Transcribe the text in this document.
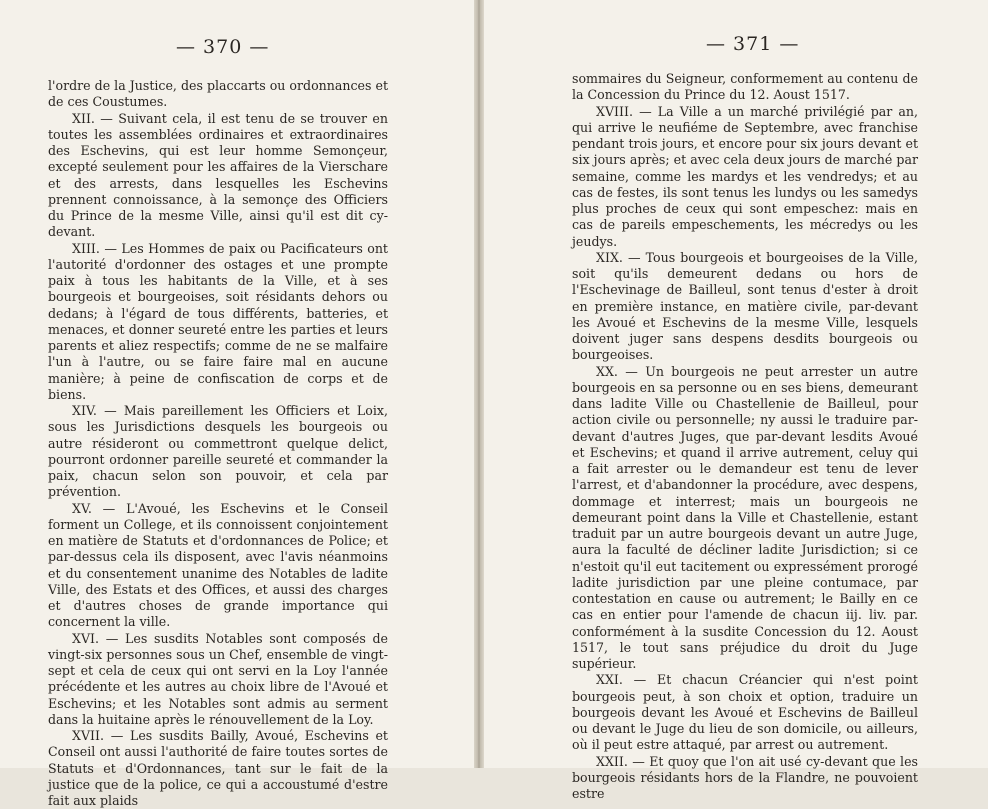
— 370 —

l'ordre de la Justice, des placcarts ou ordonnances et de ces Coustumes.

XII. — Suivant cela, il est tenu de se trouver en toutes les assemblées ordinaires et extraordinaires des Eschevins, qui est leur homme Semonçeur, excepté seulement pour les affaires de la Vierschare et des arrests, dans lesquelles les Eschevins prennent connoissance, à la semonçe des Officiers du Prince de la mesme Ville, ainsi qu'il est dit cy-devant.

XIII. — Les Hommes de paix ou Pacificateurs ont l'autorité d'ordonner des ostages et une prompte paix à tous les habitants de la Ville, et à ses bourgeois et bourgeoises, soit résidants dehors ou dedans; à l'égard de tous différents, batteries, et menaces, et donner seureté entre les parties et leurs parents et aliez respectifs; comme de ne se malfaire l'un à l'autre, ou se faire faire mal en aucune manière; à peine de confiscation de corps et de biens.

XIV. — Mais pareillement les Officiers et Loix, sous les Jurisdictions desquels les bourgeois ou autre résideront ou commettront quelque delict, pourront ordonner pareille seureté et commander la paix, chacun selon son pouvoir, et cela par prévention.

XV. — L'Avoué, les Eschevins et le Conseil forment un College, et ils connoissent conjointement en matière de Statuts et d'ordonnances de Police; et par-dessus cela ils disposent, avec l'avis néanmoins et du consentement unanime des Notables de ladite Ville, des Estats et des Offices, et aussi des charges et d'autres choses de grande importance qui concernent la ville.

XVI. — Les susdits Notables sont composés de vingt-six personnes sous un Chef, ensemble de vingt-sept et cela de ceux qui ont servi en la Loy l'année précédente et les autres au choix libre de l'Avoué et Eschevins; et les Notables sont admis au serment dans la huitaine après le rénouvellement de la Loy.

XVII. — Les susdits Bailly, Avoué, Eschevins et Conseil ont aussi l'authorité de faire toutes sortes de Statuts et d'Ordonnances, tant sur le fait de la justice que de la police, ce qui a accoustumé d'estre fait aux plaids

— 371 —

sommaires du Seigneur, conformement au contenu de la Concession du Prince du 12. Aoust 1517.

XVIII. — La Ville a un marché privilégié par an, qui arrive le neufiéme de Septembre, avec franchise pendant trois jours, et encore pour six jours devant et six jours après; et avec cela deux jours de marché par semaine, comme les mardys et les vendredys; et au cas de festes, ils sont tenus les lundys ou les samedys plus proches de ceux qui sont empeschez: mais en cas de pareils empeschements, les mécredys ou les jeudys.

XIX. — Tous bourgeois et bourgeoises de la Ville, soit qu'ils demeurent dedans ou hors de l'Eschevinage de Bailleul, sont tenus d'ester à droit en première instance, en matière civile, par-devant les Avoué et Eschevins de la mesme Ville, lesquels doivent juger sans despens desdits bourgeois ou bourgeoises.

XX. — Un bourgeois ne peut arrester un autre bourgeois en sa personne ou en ses biens, demeurant dans ladite Ville ou Chastellenie de Bailleul, pour action civile ou personnelle; ny aussi le traduire par-devant d'autres Juges, que par-devant lesdits Avoué et Eschevins; et quand il arrive autrement, celuy qui a fait arrester ou le demandeur est tenu de lever l'arrest, et d'abandonner la procédure, avec despens, dommage et interrest; mais un bourgeois ne demeurant point dans la Ville et Chastellenie, estant traduit par un autre bourgeois devant un autre Juge, aura la faculté de décliner ladite Jurisdiction; si ce n'estoit qu'il eut tacitement ou expressément prorogé ladite jurisdiction par une pleine contumace, par contestation en cause ou autrement; le Bailly en ce cas en entier pour l'amende de chacun iij. liv. par. conformément à la susdite Concession du 12. Aoust 1517, le tout sans préjudice du droit du Juge supérieur.

XXI. — Et chacun Créancier qui n'est point bourgeois peut, à son choix et option, traduire un bourgeois devant les Avoué et Eschevins de Bailleul ou devant le Juge du lieu de son domicile, ou ailleurs, où il peut estre attaqué, par arrest ou autrement.

XXII. — Et quoy que l'on ait usé cy-devant que les bourgeois résidants hors de la Flandre, ne pouvoient estre
